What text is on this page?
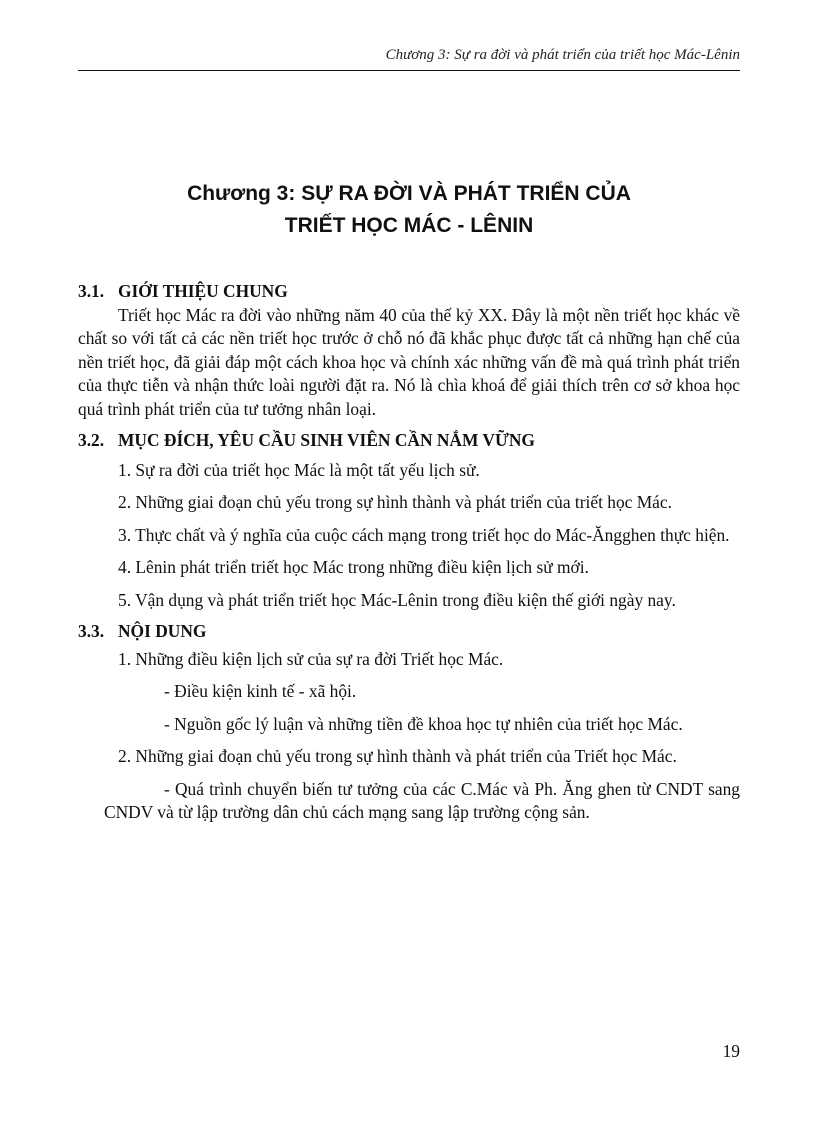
Chương 3: Sự ra đời và phát triển của triết học Mác-Lênin
Chương 3: SỰ RA ĐỜI VÀ PHÁT TRIỂN CỦA
TRIẾT HỌC MÁC - LÊNIN

3.1. GIỚI THIỆU CHUNG

Triết học Mác ra đời vào những năm 40 của thế kỷ XX. Đây là một nền triết học khác về chất so với tất cả các nền triết học trước ở chỗ nó đã khắc phục được tất cả những hạn chế của nền triết học, đã giải đáp một cách khoa học và chính xác những vấn đề mà quá trình phát triển của thực tiễn và nhận thức loài người đặt ra. Nó là chìa khoá để giải thích trên cơ sở khoa học quá trình phát triển của tư tưởng nhân loại.

3.2. MỤC ĐÍCH, YÊU CẦU SINH VIÊN CẦN NẮM VỮNG

1. Sự ra đời của triết học Mác là một tất yếu lịch sử.

2. Những giai đoạn chủ yếu trong sự hình thành và phát triển của triết học Mác.

3. Thực chất và ý nghĩa của cuộc cách mạng trong triết học do Mác-Ăngghen thực hiện.

4. Lênin phát triển triết học Mác trong những điều kiện lịch sử mới.

5. Vận dụng và phát triển triết học Mác-Lênin trong điều kiện thế giới ngày nay.

3.3. NỘI DUNG

1. Những điều kiện lịch sử của sự ra đời Triết học Mác.

- Điều kiện kinh tế - xã hội.

- Nguồn gốc lý luận và những tiền đề khoa học tự nhiên của triết học Mác.

2. Những giai đoạn chủ yếu trong sự hình thành và phát triển của Triết học Mác.

- Quá trình chuyển biến tư tưởng của các C.Mác và Ph. Ăng ghen từ CNDT sang CNDV và từ lập trường dân chủ cách mạng sang lập trường cộng sản.

19
